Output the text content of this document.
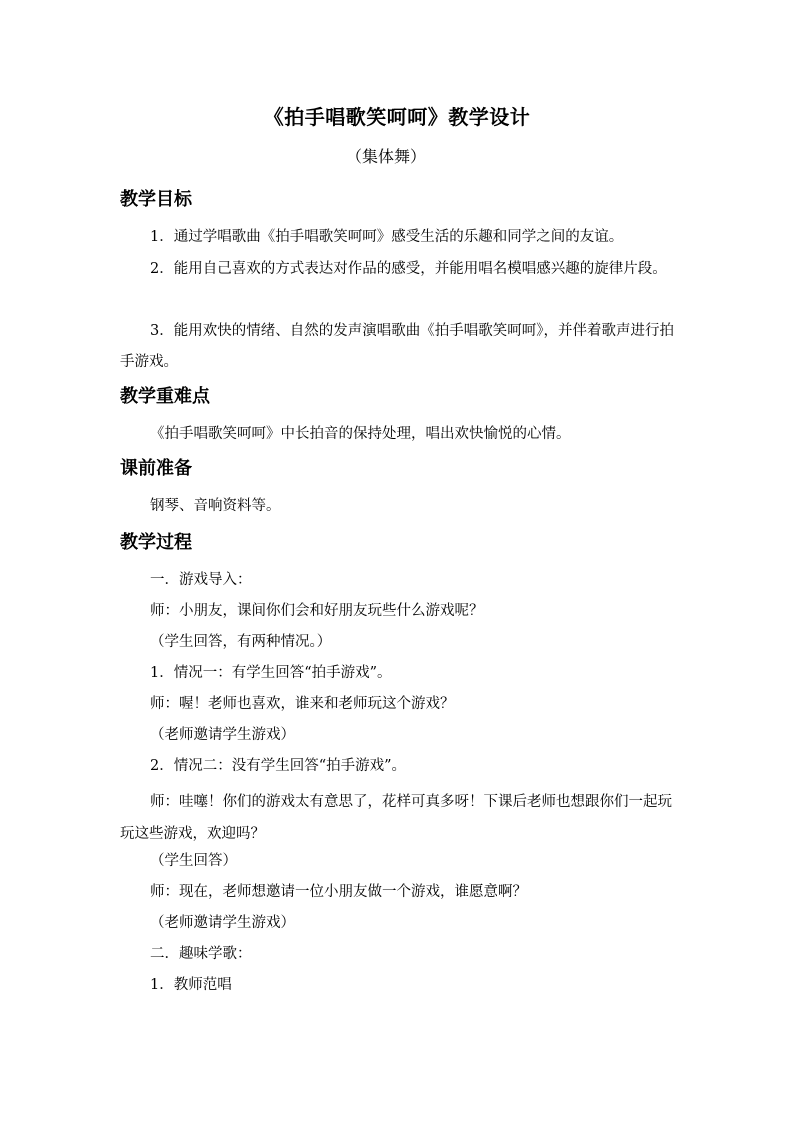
《拍手唱歌笑呵呵》教学设计
（集体舞）
教学目标

1．通过学唱歌曲《拍手唱歌笑呵呵》感受生活的乐趣和同学之间的友谊。

2．能用自己喜欢的方式表达对作品的感受，并能用唱名模唱感兴趣的旋律片段。

3．能用欢快的情绪、自然的发声演唱歌曲《拍手唱歌笑呵呵》，并伴着歌声进行拍手游戏。

教学重难点

《拍手唱歌笑呵呵》中长拍音的保持处理，唱出欢快愉悦的心情。

课前准备

钢琴、音响资料等。

教学过程
一．游戏导入：
师：小朋友，课间你们会和好朋友玩些什么游戏呢？
（学生回答，有两种情况。）
1．情况一：有学生回答“拍手游戏”。
师：喔！老师也喜欢，谁来和老师玩这个游戏？
（老师邀请学生游戏）
2．情况二：没有学生回答“拍手游戏”。

师：哇噻！你们的游戏太有意思了，花样可真多呀！下课后老师也想跟你们一起玩玩这些游戏，欢迎吗？

（学生回答）
师：现在，老师想邀请一位小朋友做一个游戏，谁愿意啊？
（老师邀请学生游戏）
二．趣味学歌：
1．教师范唱
